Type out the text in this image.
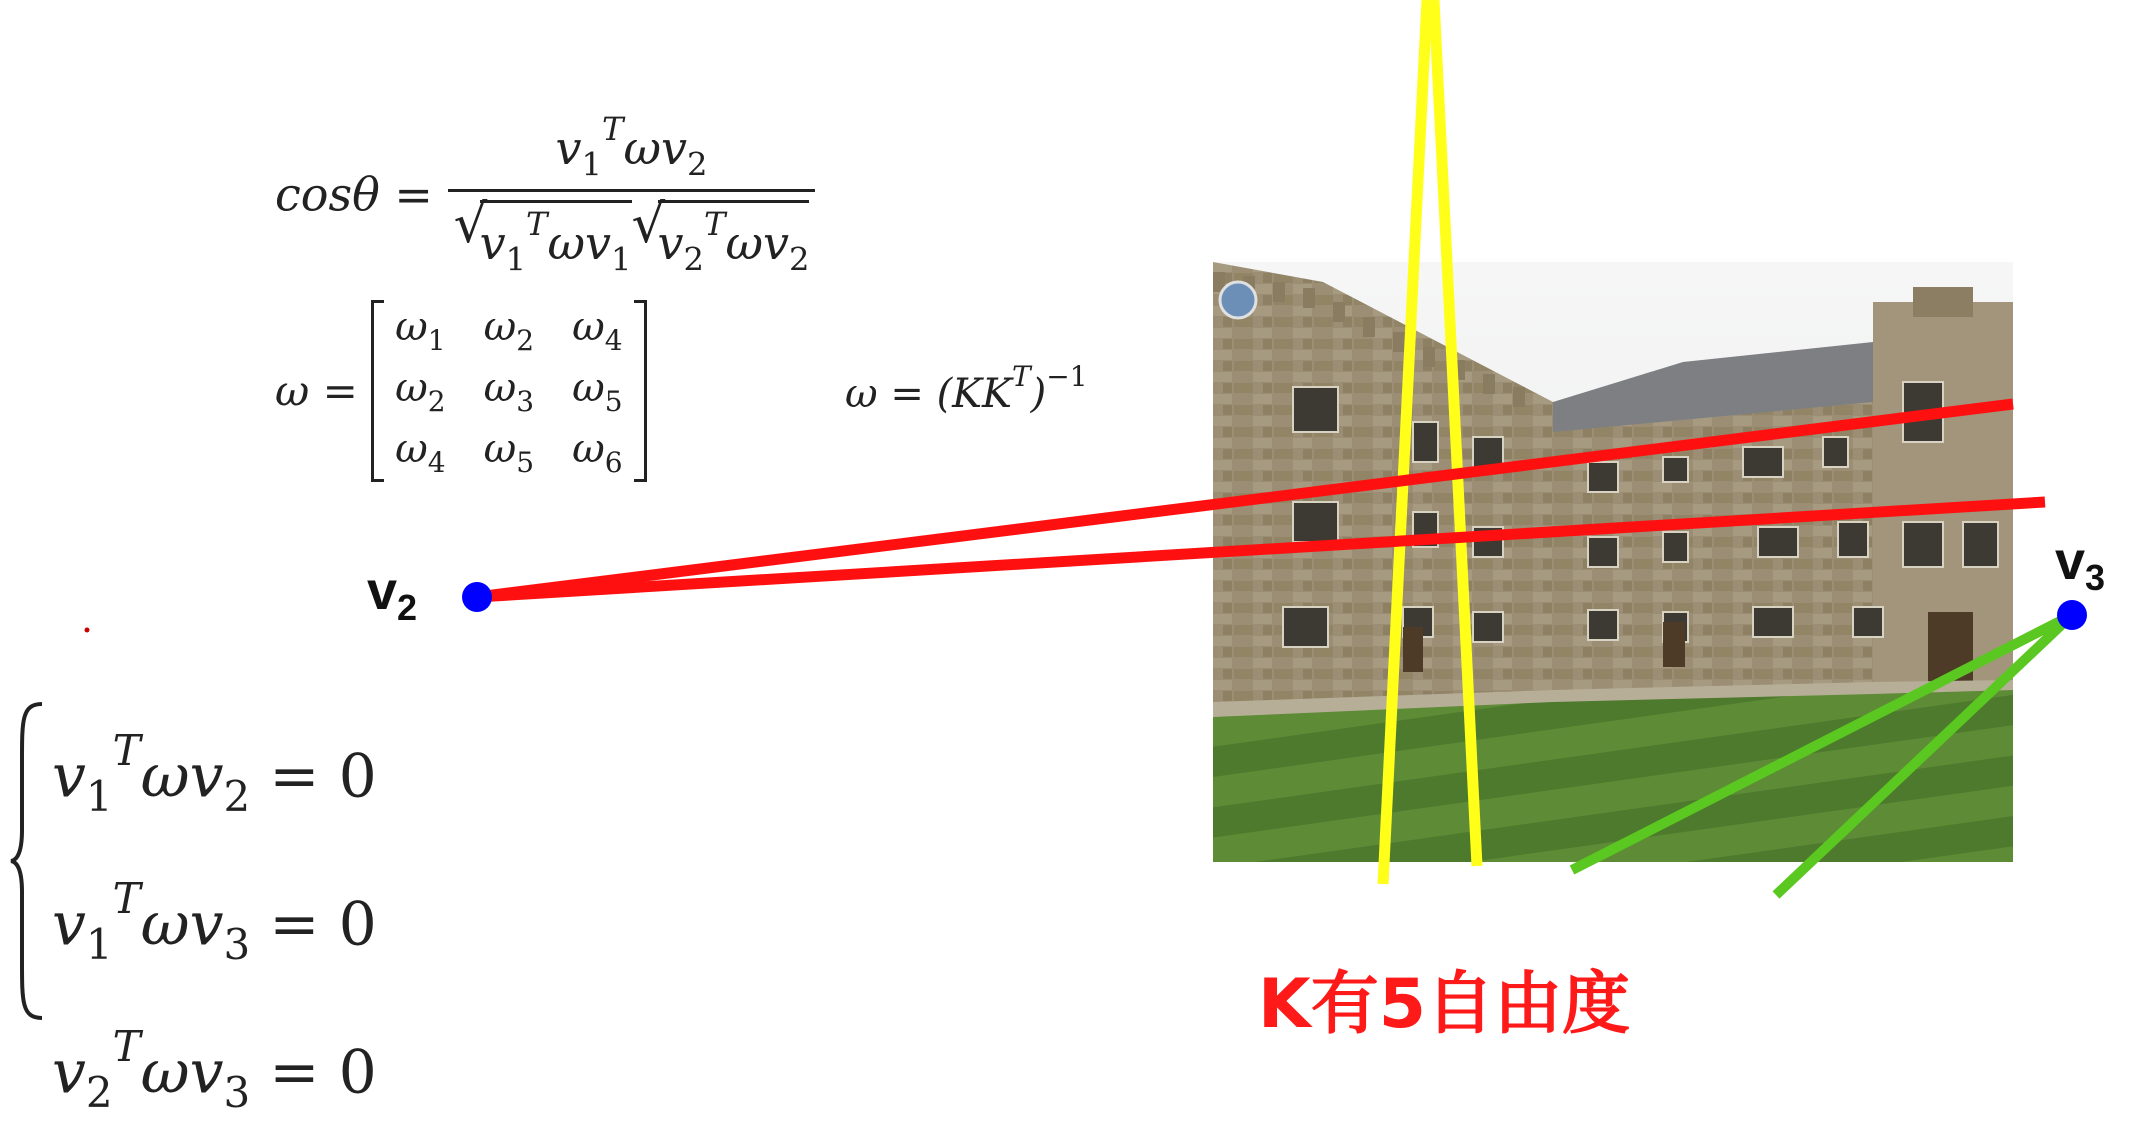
$\cos\theta = v_1^T\omega v_2$
√
$v_1^T\omega v_1$
√
$v_2^T\omega v_2$
ω =
$\omega_1$	$\omega_2$	$\omega_4$
$\omega_2$	$\omega_3$	$\omega_5$
$\omega_4$	$\omega_5$	$\omega_6$
$\omega = (KK^T)^{-1}$
$v_1^T\omega v_2 = 0$
$v_1^T\omega v_3 = 0$
$v_2^T\omega v_3 = 0$
$v_2$
$v_3$
K有5自由度
